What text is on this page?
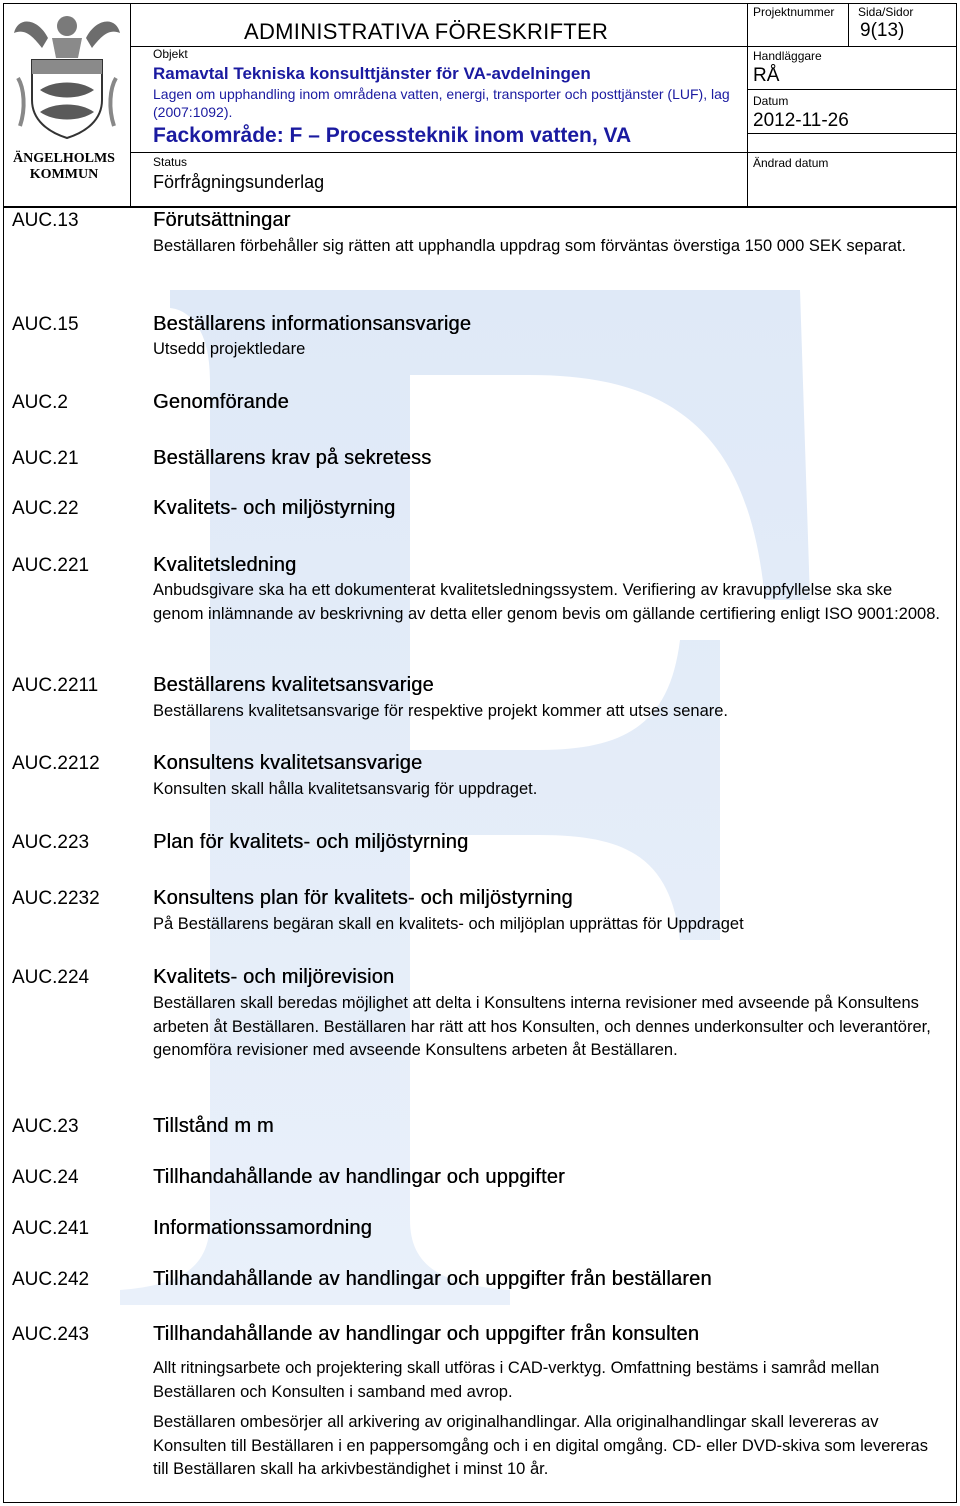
ÄNGELHOLMS KOMMUN
ADMINISTRATIVA FÖRESKRIFTER
Objekt
Ramavtal Tekniska konsulttjänster för VA-avdelningen
Lagen om upphandling inom områdena vatten, energi, transporter och posttjänster (LUF), lag (2007:1092).
Fackområde: F – Processteknik inom vatten, VA
Status
Förfrågningsunderlag
Projektnummer Sida/Sidor
9(13)
Handläggare
RÅ
Datum
2012-11-26
Ändrad datum
AUC.13	Förutsättningar
Beställaren förbehåller sig rätten att upphandla uppdrag som förväntas överstiga 150 000 SEK separat.
AUC.15	Beställarens informationsansvarige
Utsedd projektledare
AUC.2	Genomförande
AUC.21	Beställarens krav på sekretess
AUC.22	Kvalitets- och miljöstyrning
AUC.221	Kvalitetsledning
Anbudsgivare ska ha ett dokumenterat kvalitetsledningssystem. Verifiering av kravuppfyllelse ska ske genom inlämnande av beskrivning av detta eller genom bevis om gällande certifiering enligt ISO 9001:2008.
AUC.2211	Beställarens kvalitetsansvarige
Beställarens kvalitetsansvarige för respektive projekt kommer att utses senare.
AUC.2212	Konsultens kvalitetsansvarige
Konsulten skall hålla kvalitetsansvarig för uppdraget.
AUC.223	Plan för kvalitets- och miljöstyrning
AUC.2232	Konsultens plan för kvalitets- och miljöstyrning
På Beställarens begäran skall en kvalitets- och miljöplan upprättas för Uppdraget
AUC.224	Kvalitets- och miljörevision
Beställaren skall beredas möjlighet att delta i Konsultens interna revisioner med avseende på Konsultens arbeten åt Beställaren. Beställaren har rätt att hos Konsulten, och dennes underkonsulter och leverantörer, genomföra revisioner med avseende Konsultens arbeten åt Beställaren.
AUC.23	Tillstånd m m
AUC.24	Tillhandahållande av handlingar och uppgifter
AUC.241	Informationssamordning
AUC.242	Tillhandahållande av handlingar och uppgifter från beställaren
AUC.243	Tillhandahållande av handlingar och uppgifter från konsulten
Allt ritningsarbete och projektering skall utföras i CAD-verktyg. Omfattning bestäms i samråd mellan Beställaren och Konsulten i samband med avrop.
Beställaren ombesörjer all arkivering av originalhandlingar. Alla originalhandlingar skall levereras av Konsulten till Beställaren i en pappersomgång och i en digital omgång. CD- eller DVD-skiva som levereras till Beställaren skall ha arkivbeständighet i minst 10 år.
